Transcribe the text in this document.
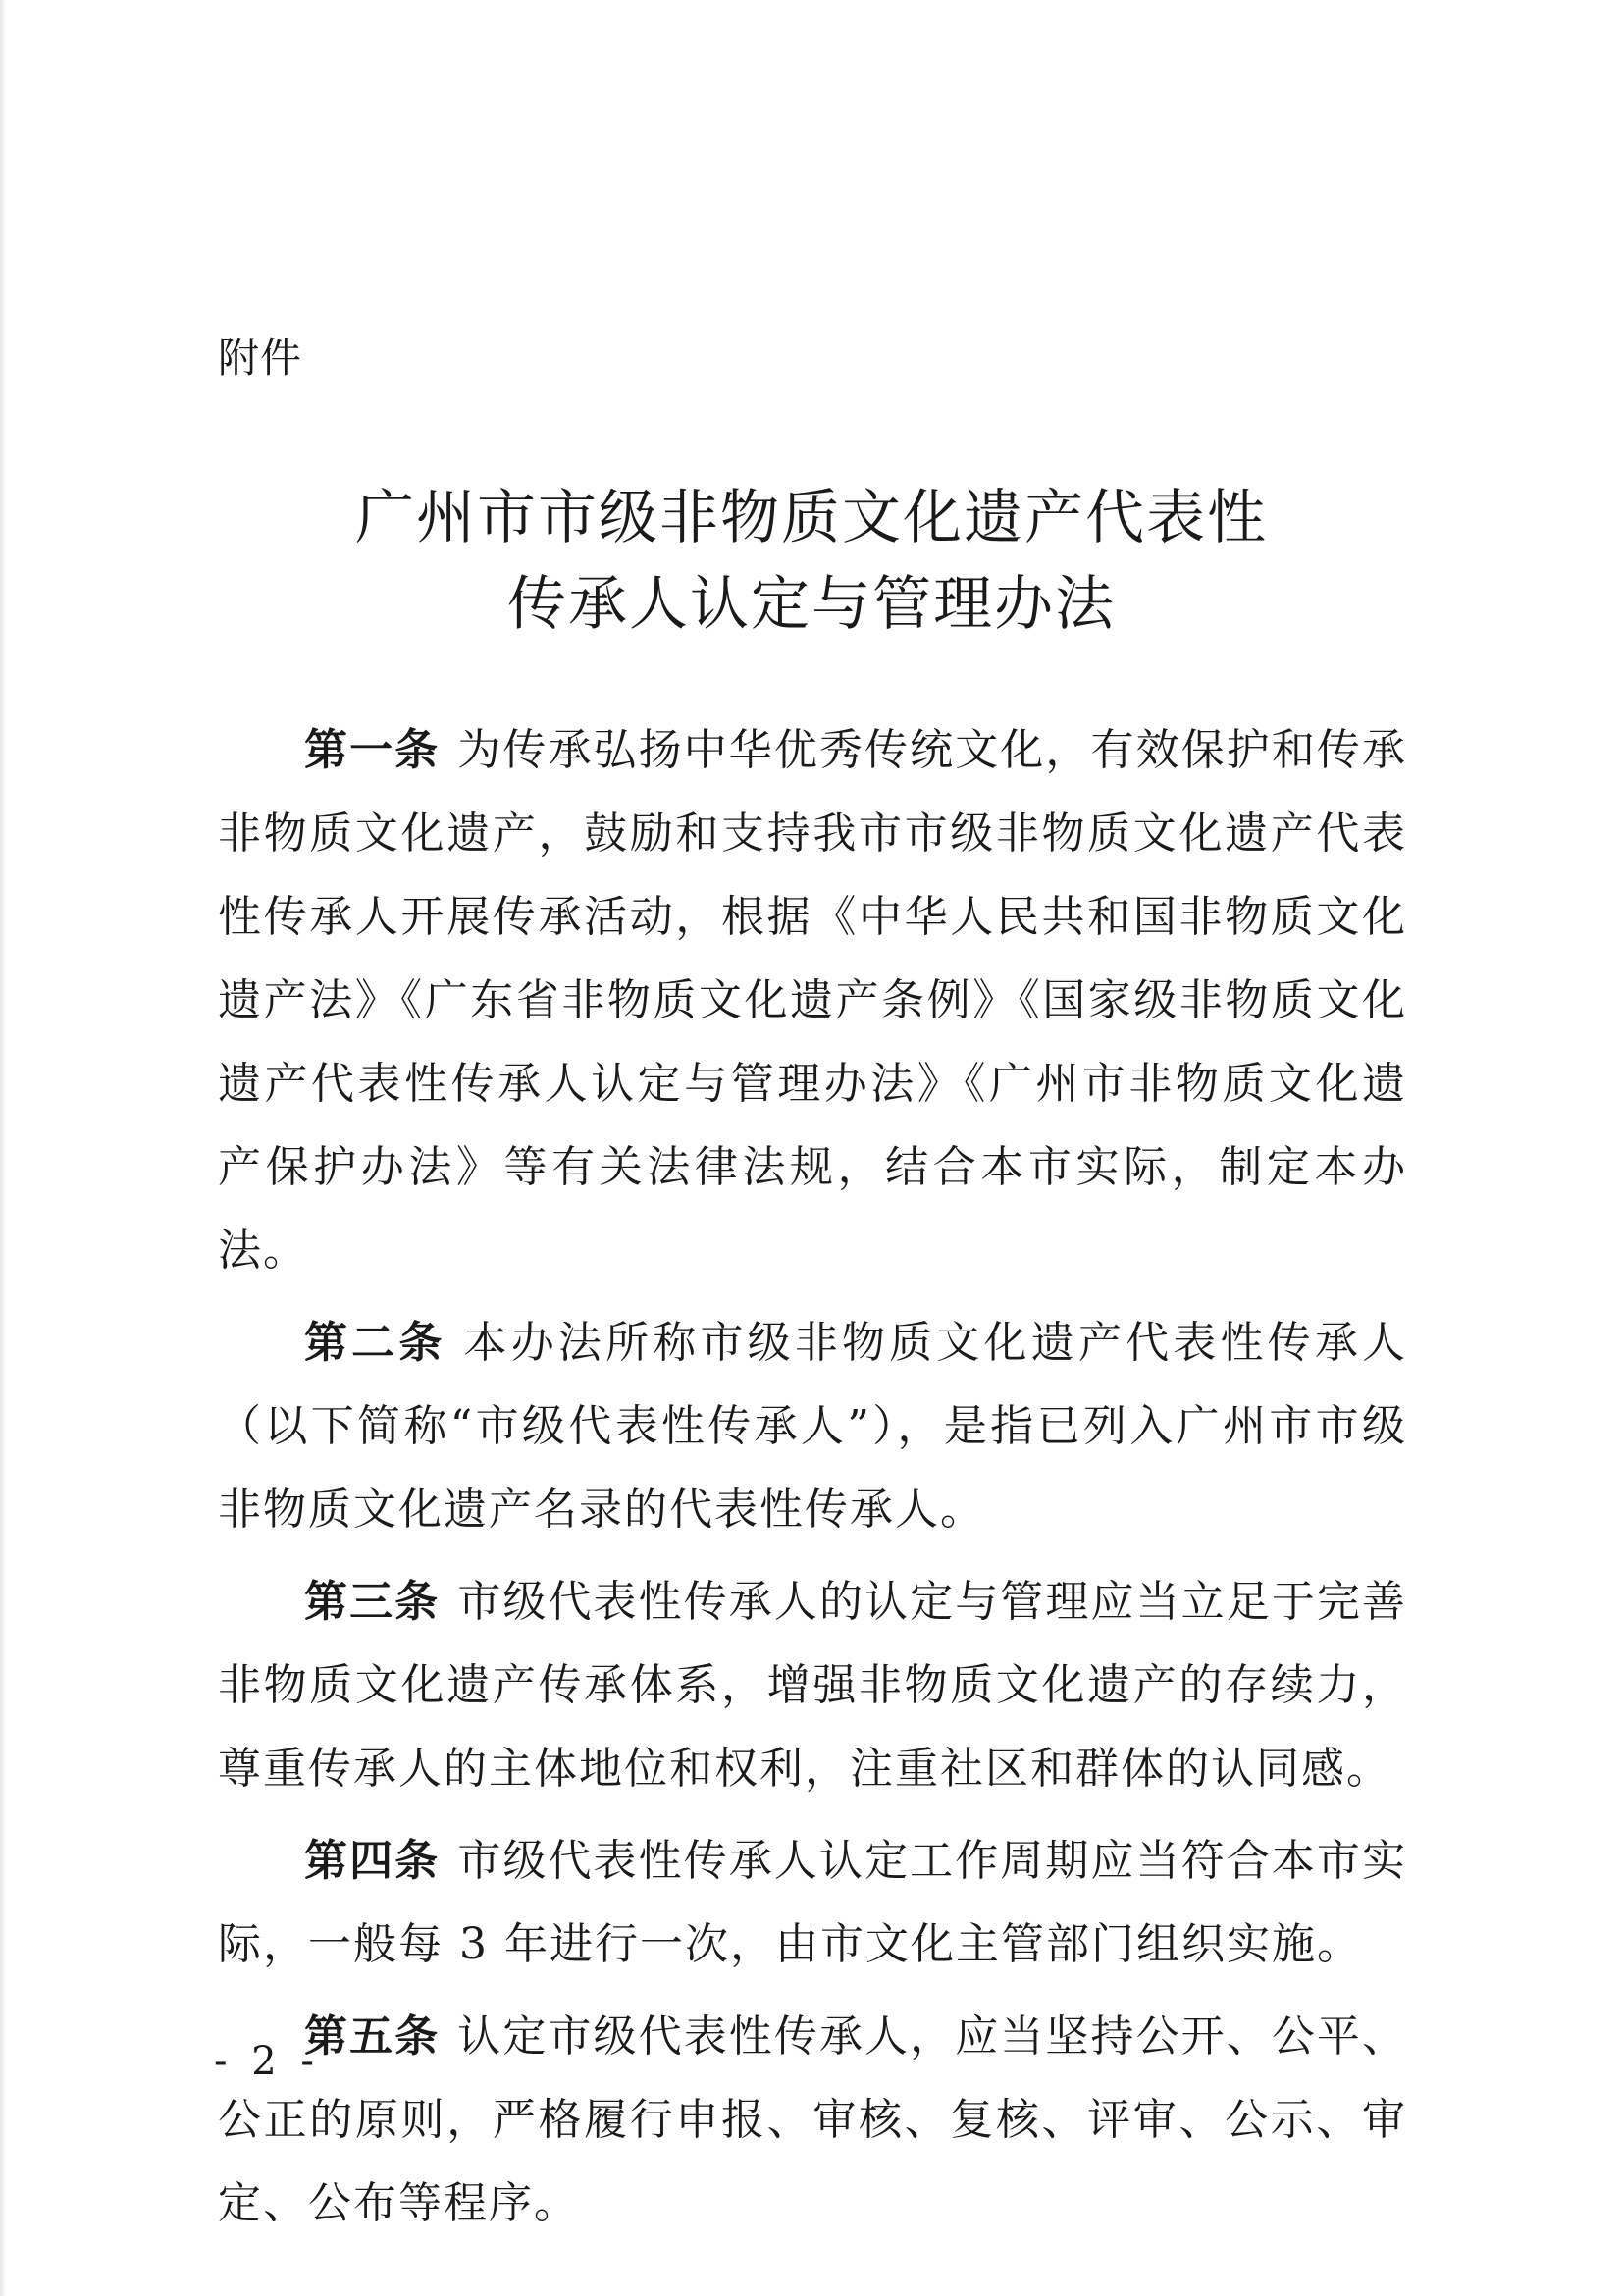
附件
广州市市级非物质文化遗产代表性
传承人认定与管理办法

第一条 为传承弘扬中华优秀传统文化，有效保护和传承非物质文化遗产，鼓励和支持我市市级非物质文化遗产代表性传承人开展传承活动，根据《中华人民共和国非物质文化遗产法》《广东省非物质文化遗产条例》《国家级非物质文化遗产代表性传承人认定与管理办法》《广州市非物质文化遗产保护办法》等有关法律法规，结合本市实际，制定本办法。

第二条 本办法所称市级非物质文化遗产代表性传承人（以下简称“市级代表性传承人”），是指已列入广州市市级非物质文化遗产名录的代表性传承人。

第三条 市级代表性传承人的认定与管理应当立足于完善非物质文化遗产传承体系，增强非物质文化遗产的存续力，尊重传承人的主体地位和权利，注重社区和群体的认同感。

第四条 市级代表性传承人认定工作周期应当符合本市实际，一般每 3 年进行一次，由市文化主管部门组织实施。

第五条 认定市级代表性传承人，应当坚持公开、公平、公正的原则，严格履行申报、审核、复核、评审、公示、审定、公布等程序。

- 2 -
